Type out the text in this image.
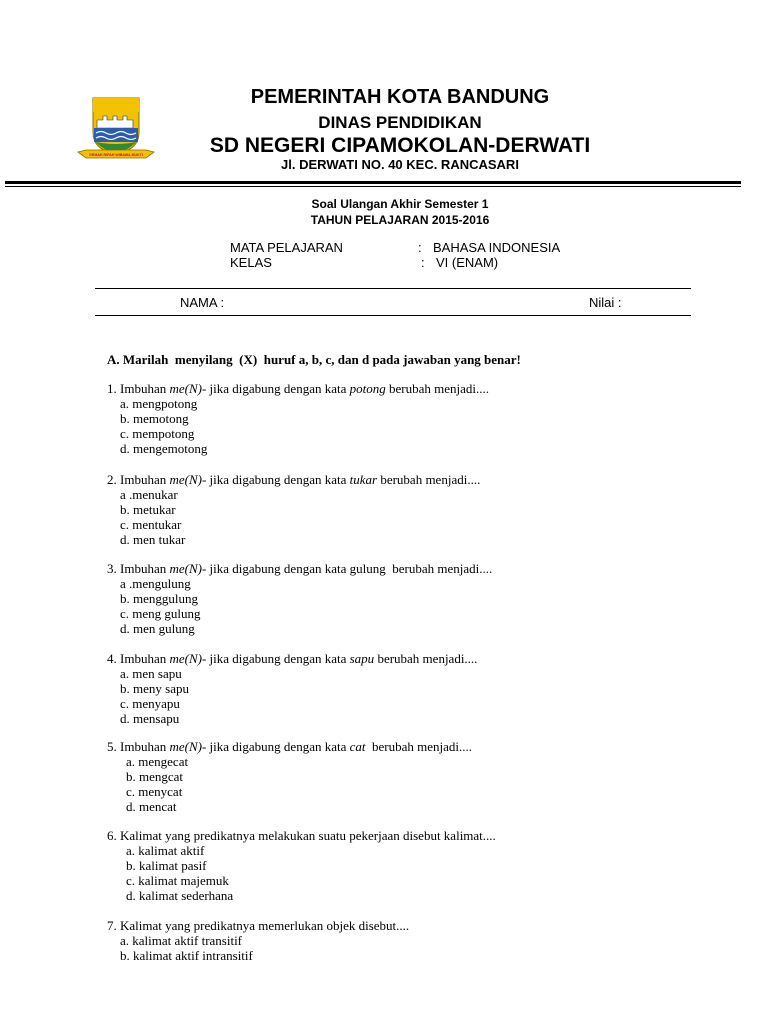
GEMAH RIPAH WIBAWA MUKTI
PEMERINTAH KOTA BANDUNG
DINAS PENDIDIKAN
SD NEGERI CIPAMOKOLAN-DERWATI
Jl. DERWATI NO. 40 KEC. RANCASARI
Soal Ulangan Akhir Semester 1
TAHUN PELAJARAN 2015-2016
MATA PELAJARAN	: BAHASA INDONESIA
KELAS	: VI (ENAM)
NAMA :	Nilai :
A. Marilah  menyilang  (X)  huruf a, b, c, dan d pada jawaban yang benar!
1. Imbuhan me(N)- jika digabung dengan kata potong berubah menjadi....
a. mengpotong
b. memotong
c. mempotong
d. mengemotong
2. Imbuhan me(N)- jika digabung dengan kata tukar berubah menjadi....
a .menukar
b. metukar
c. mentukar
d. men tukar
3. Imbuhan me(N)- jika digabung dengan kata gulung  berubah menjadi....
a .mengulung
b. menggulung
c. meng gulung
d. men gulung
4. Imbuhan me(N)- jika digabung dengan kata sapu berubah menjadi....
a. men sapu
b. meny sapu
c. menyapu
d. mensapu
5. Imbuhan me(N)- jika digabung dengan kata cat  berubah menjadi....
a. mengecat
b. mengcat
c. menycat
d. mencat
6. Kalimat yang predikatnya melakukan suatu pekerjaan disebut kalimat....
a. kalimat aktif
b. kalimat pasif
c. kalimat majemuk
d. kalimat sederhana
7. Kalimat yang predikatnya memerlukan objek disebut....
a. kalimat aktif transitif
b. kalimat aktif intransitif
